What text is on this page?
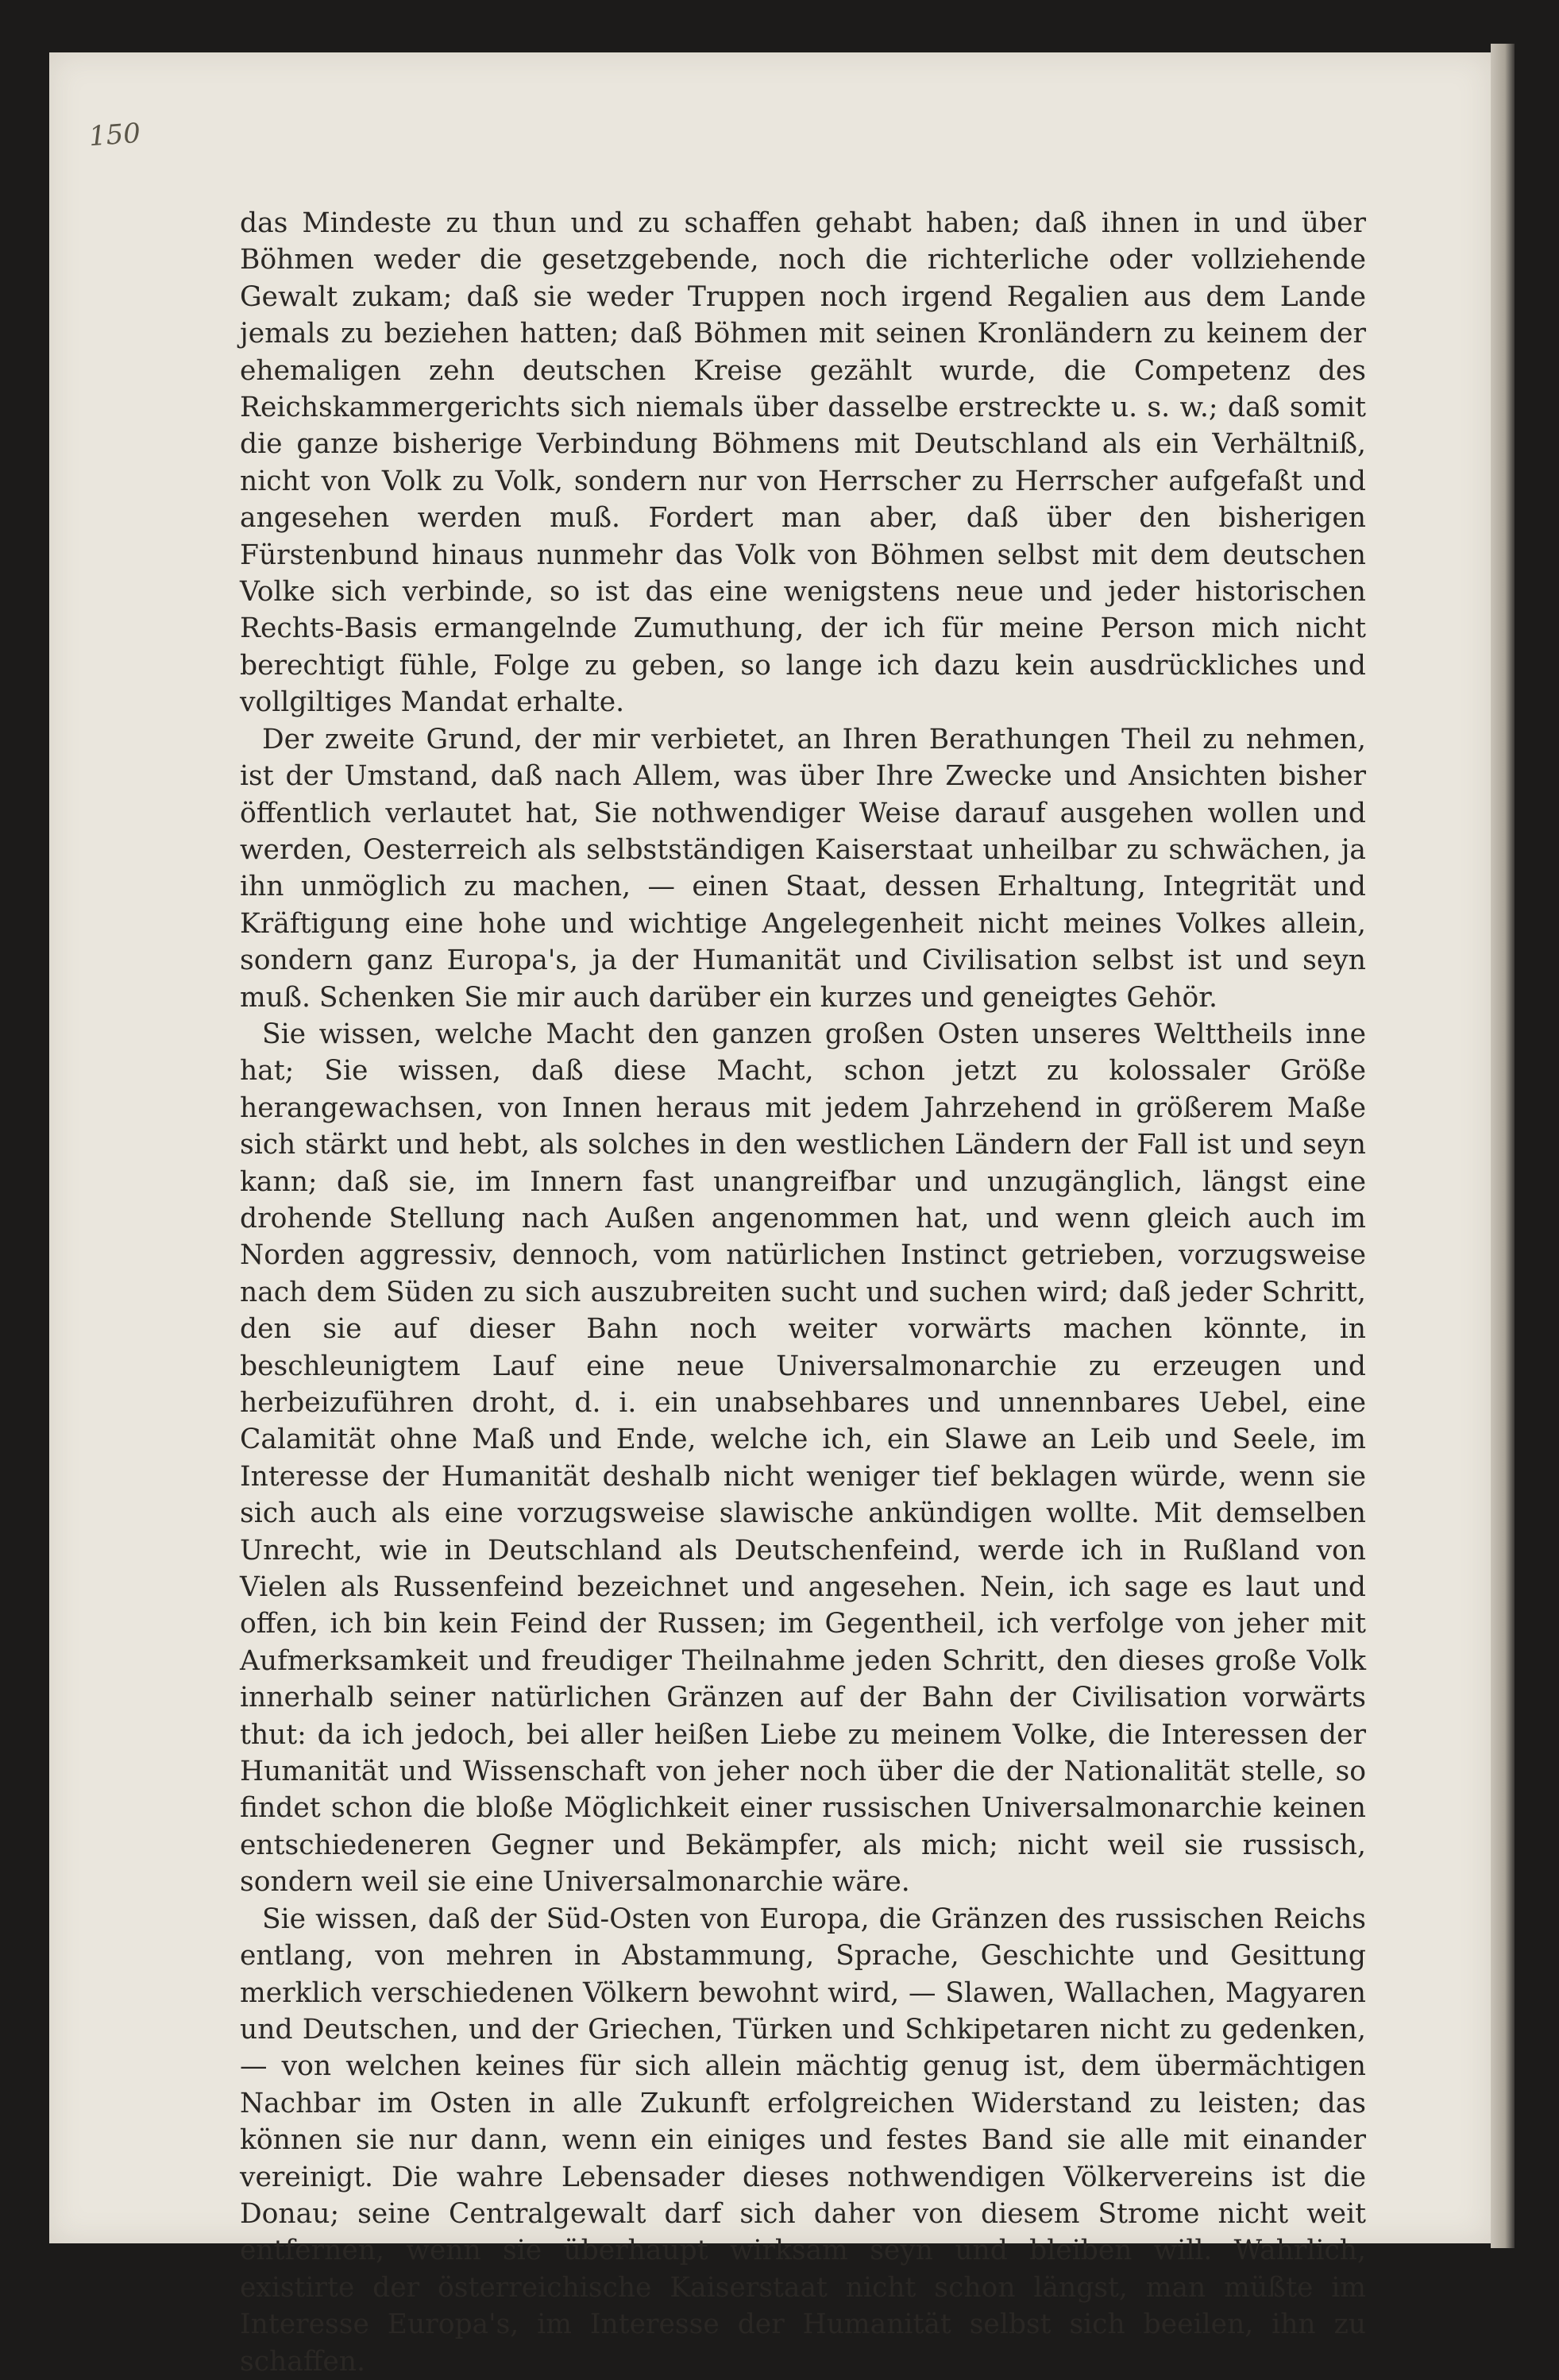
150

das Mindeste zu thun und zu schaffen gehabt haben; daß ihnen in und über Böhmen weder die gesetzgebende, noch die richterliche oder vollziehende Gewalt zukam; daß sie weder Truppen noch irgend Regalien aus dem Lande jemals zu beziehen hatten; daß Böhmen mit seinen Kronländern zu keinem der ehemaligen zehn deutschen Kreise gezählt wurde, die Competenz des Reichskammergerichts sich niemals über dasselbe erstreckte u. s. w.; daß somit die ganze bisherige Verbindung Böhmens mit Deutschland als ein Verhältniß, nicht von Volk zu Volk, sondern nur von Herrscher zu Herrscher aufgefaßt und angesehen werden muß. Fordert man aber, daß über den bisherigen Fürstenbund hinaus nunmehr das Volk von Böhmen selbst mit dem deutschen Volke sich verbinde, so ist das eine wenigstens neue und jeder historischen Rechts-Basis ermangelnde Zumuthung, der ich für meine Person mich nicht berechtigt fühle, Folge zu geben, so lange ich dazu kein ausdrückliches und vollgiltiges Mandat erhalte.

Der zweite Grund, der mir verbietet, an Ihren Berathungen Theil zu nehmen, ist der Umstand, daß nach Allem, was über Ihre Zwecke und Ansichten bisher öffentlich verlautet hat, Sie nothwendiger Weise darauf ausgehen wollen und werden, Oesterreich als selbstständigen Kaiserstaat unheilbar zu schwächen, ja ihn unmöglich zu machen, — einen Staat, dessen Erhaltung, Integrität und Kräftigung eine hohe und wichtige Angelegenheit nicht meines Volkes allein, sondern ganz Europa's, ja der Humanität und Civilisation selbst ist und seyn muß. Schenken Sie mir auch darüber ein kurzes und geneigtes Gehör.

Sie wissen, welche Macht den ganzen großen Osten unseres Welttheils inne hat; Sie wissen, daß diese Macht, schon jetzt zu kolossaler Größe herangewachsen, von Innen heraus mit jedem Jahrzehend in größerem Maße sich stärkt und hebt, als solches in den westlichen Ländern der Fall ist und seyn kann; daß sie, im Innern fast unangreifbar und unzugänglich, längst eine drohende Stellung nach Außen angenommen hat, und wenn gleich auch im Norden aggressiv, dennoch, vom natürlichen Instinct getrieben, vorzugsweise nach dem Süden zu sich auszubreiten sucht und suchen wird; daß jeder Schritt, den sie auf dieser Bahn noch weiter vorwärts machen könnte, in beschleunigtem Lauf eine neue Universalmonarchie zu erzeugen und herbeizuführen droht, d. i. ein unabsehbares und unnennbares Uebel, eine Calamität ohne Maß und Ende, welche ich, ein Slawe an Leib und Seele, im Interesse der Humanität deshalb nicht weniger tief beklagen würde, wenn sie sich auch als eine vorzugsweise slawische ankündigen wollte. Mit demselben Unrecht, wie in Deutschland als Deutschenfeind, werde ich in Rußland von Vielen als Russenfeind bezeichnet und angesehen. Nein, ich sage es laut und offen, ich bin kein Feind der Russen; im Gegentheil, ich verfolge von jeher mit Aufmerksamkeit und freudiger Theilnahme jeden Schritt, den dieses große Volk innerhalb seiner natürlichen Gränzen auf der Bahn der Civilisation vorwärts thut: da ich jedoch, bei aller heißen Liebe zu meinem Volke, die Interessen der Humanität und Wissenschaft von jeher noch über die der Nationalität stelle, so findet schon die bloße Möglichkeit einer russischen Universalmonarchie keinen entschiedeneren Gegner und Bekämpfer, als mich; nicht weil sie russisch, sondern weil sie eine Universalmonarchie wäre.

Sie wissen, daß der Süd-Osten von Europa, die Gränzen des russischen Reichs entlang, von mehren in Abstammung, Sprache, Geschichte und Gesittung merklich verschiedenen Völkern bewohnt wird, — Slawen, Wallachen, Magyaren und Deutschen, und der Griechen, Türken und Schkipetaren nicht zu gedenken, — von welchen keines für sich allein mächtig genug ist, dem übermächtigen Nachbar im Osten in alle Zukunft erfolgreichen Widerstand zu leisten; das können sie nur dann, wenn ein einiges und festes Band sie alle mit einander vereinigt. Die wahre Lebensader dieses nothwendigen Völkervereins ist die Donau; seine Centralgewalt darf sich daher von diesem Strome nicht weit entfernen, wenn sie überhaupt wirksam seyn und bleiben will. Wahrlich, existirte der österreichische Kaiserstaat nicht schon längst, man müßte im Interesse Europa's, im Interesse der Humanität selbst sich beeilen, ihn zu schaffen.
